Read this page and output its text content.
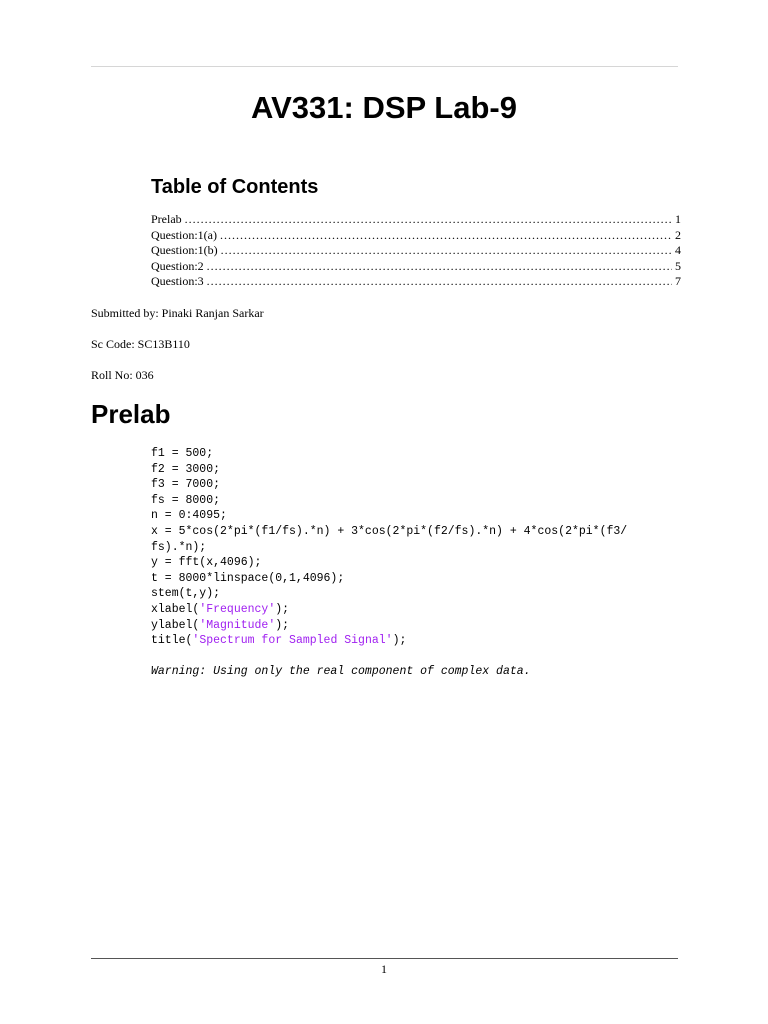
AV331: DSP Lab-9
Table of Contents
Prelab .....	1
Question:1(a) .....	2
Question:1(b) .....	4
Question:2 .....	5
Question:3 .....	7

Submitted by: Pinaki Ranjan Sarkar

Sc Code: SC13B110

Roll No: 036

Prelab
f1 = 500;
f2 = 3000;
f3 = 7000;
fs = 8000;
n = 0:4095;
x = 5*cos(2*pi*(f1/fs).*n) + 3*cos(2*pi*(f2/fs).*n) + 4*cos(2*pi*(f3/
fs).*n);
y = fft(x,4096);
t = 8000*linspace(0,1,4096);
stem(t,y);
xlabel('Frequency');
ylabel('Magnitude');
title('Spectrum for Sampled Signal');

Warning: Using only the real component of complex data.

1
